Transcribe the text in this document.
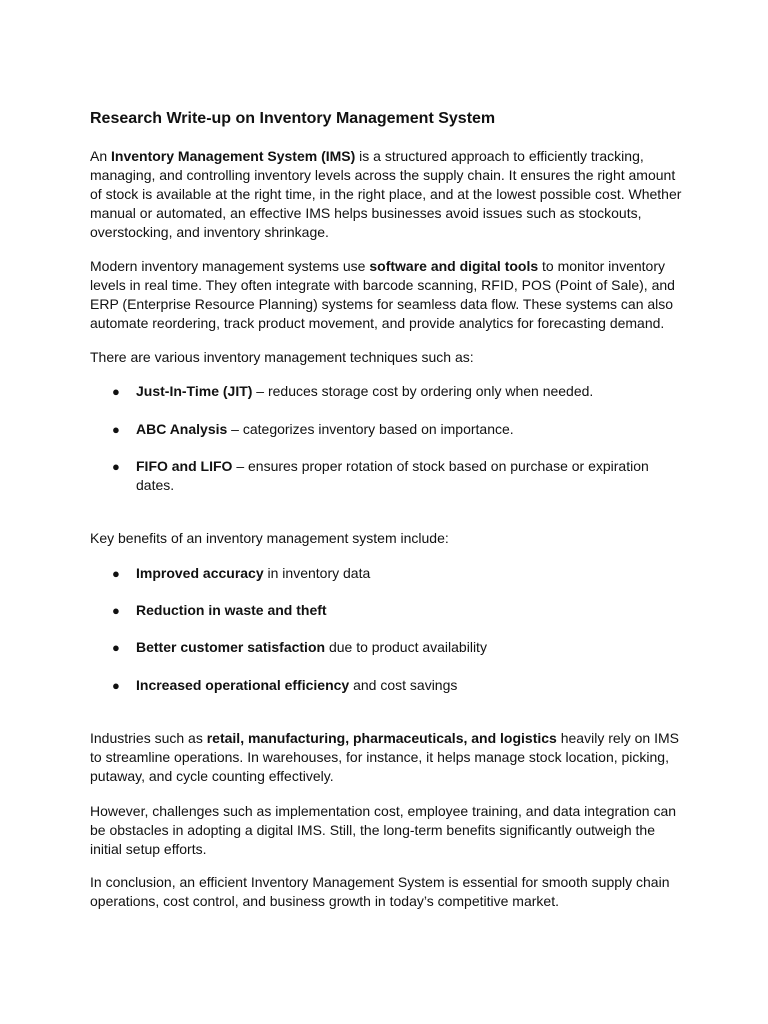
Research Write-up on Inventory Management System

An Inventory Management System (IMS) is a structured approach to efficiently tracking, managing, and controlling inventory levels across the supply chain. It ensures the right amount of stock is available at the right time, in the right place, and at the lowest possible cost. Whether manual or automated, an effective IMS helps businesses avoid issues such as stockouts, overstocking, and inventory shrinkage.

Modern inventory management systems use software and digital tools to monitor inventory levels in real time. They often integrate with barcode scanning, RFID, POS (Point of Sale), and ERP (Enterprise Resource Planning) systems for seamless data flow. These systems can also automate reordering, track product movement, and provide analytics for forecasting demand.

There are various inventory management techniques such as:

● Just-In-Time (JIT) – reduces storage cost by ordering only when needed.
● ABC Analysis – categorizes inventory based on importance.
● FIFO and LIFO – ensures proper rotation of stock based on purchase or expiration dates.

Key benefits of an inventory management system include:

● Improved accuracy in inventory data
● Reduction in waste and theft
● Better customer satisfaction due to product availability
● Increased operational efficiency and cost savings

Industries such as retail, manufacturing, pharmaceuticals, and logistics heavily rely on IMS to streamline operations. In warehouses, for instance, it helps manage stock location, picking, putaway, and cycle counting effectively.

However, challenges such as implementation cost, employee training, and data integration can be obstacles in adopting a digital IMS. Still, the long-term benefits significantly outweigh the initial setup efforts.

In conclusion, an efficient Inventory Management System is essential for smooth supply chain operations, cost control, and business growth in today’s competitive market.
